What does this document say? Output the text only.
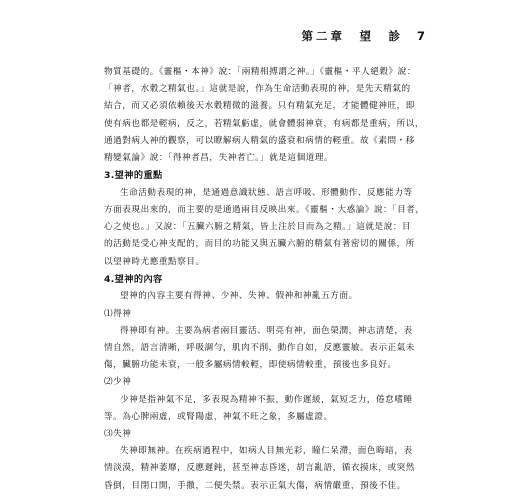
第二章　望　診 7
物質基礎的。《靈樞・本神》說：「兩精相搏謂之神。」《靈樞・平人絕穀》說：
「神者，水穀之精氣也。」這就是說，作為生命活動表現的神，是先天精氣的
結合，而又必須依賴後天水穀精微的滋養。只有精氣充足，才能體健神旺，即
使有病也都是輕病，反之，若精氣虧虛，就會體弱神衰，有病都是重病，所以，
通過對病人神的觀察，可以瞭解病人精氣的盛衰和病情的輕重。故《素問・移
精變氣論》說：「得神者昌，失神者亡。」就是這個道理。
3.望神的重點
生命活動表現的神，是通過意識狀態、語言呼吸、形體動作、反應能力等
方面表現出來的，而主要的是通過兩目反映出來。《靈樞・大惑論》說：「目者，
心之使也。」又說：「五臟六腑之精氣，皆上注於目而為之精。」這就是說：目
的活動是受心神支配的，而目的功能又與五臟六腑的精氣有著密切的關係，所
以望神時尤應重點察目。
4.望神的內容
望神的內容主要有得神、少神、失神、假神和神亂五方面。
⑴得神
得神即有神。主要為病者兩目靈活、明亮有神，面色榮潤，神志清楚，表
情自然，語言清晰，呼吸調勻，肌肉不削，動作自如，反應靈敏。表示正氣未
傷，臟腑功能未衰，一般多屬病情較輕，即使病情較重，預後也多良好。
⑵少神
少神是指神氣不足，多表現為精神不振，動作遲緩，氣短乏力，倦怠嗜睡
等。為心脾兩虛，或腎陽虛，神氣不旺之象，多屬虛證。
⑶失神
失神即無神。在疾病過程中，如病人目無光彩，瞳仁呆滯，面色晦暗，表
情淡漠，精神萎靡，反應遲鈍，甚至神志昏迷，胡言亂語，循衣摸床，或突然
昏倒，目閉口開，手撒，二便失禁。表示正氣大傷，病情嚴重，預後不佳。
